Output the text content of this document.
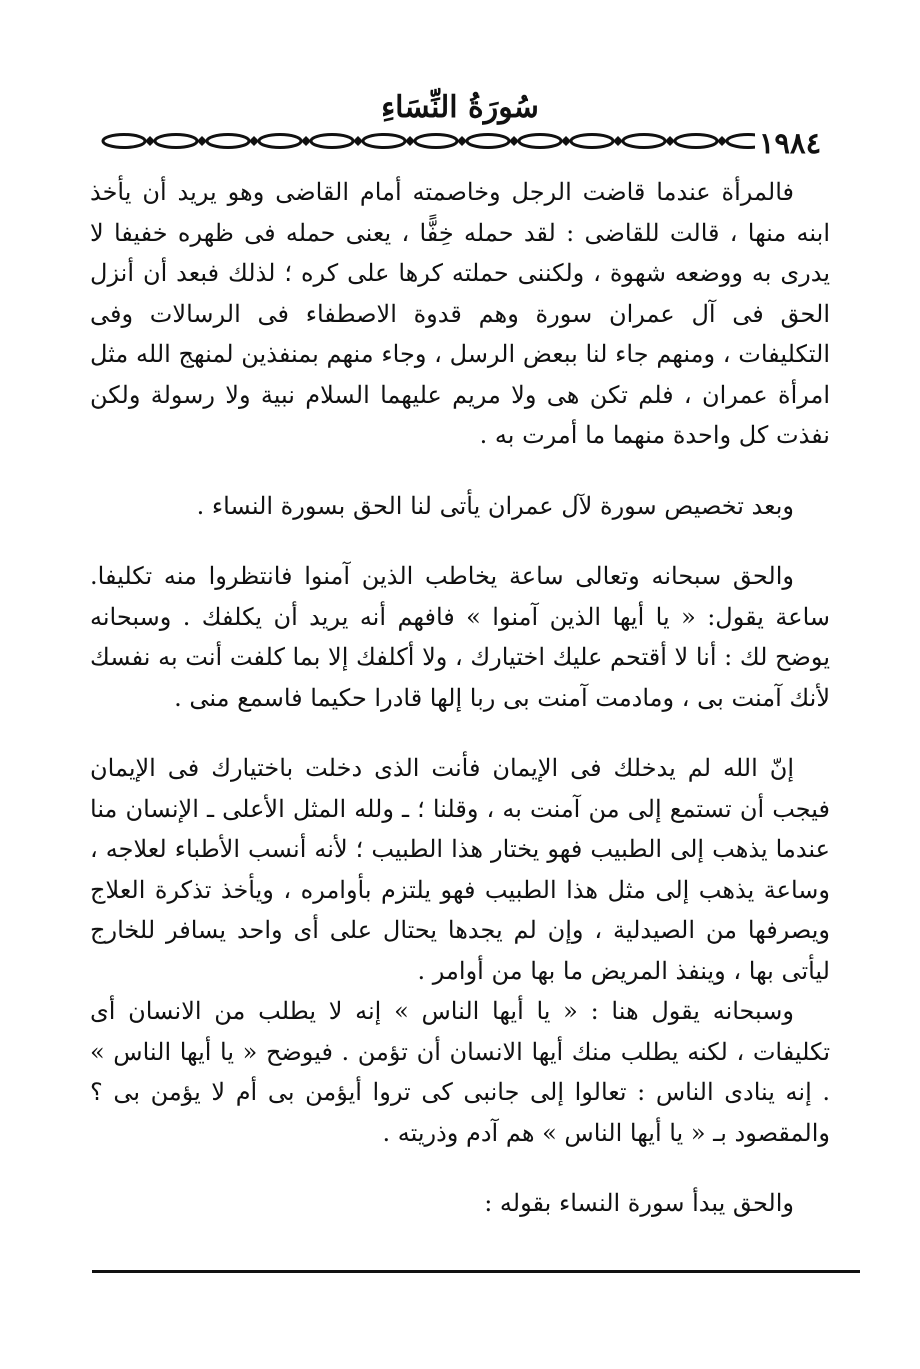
سُورَةُ النِّسَاءِ
١٩٨٤

فالمرأة عندما قاضت الرجل وخاصمته أمام القاضى وهو يريد أن يأخذ ابنه منها ، قالت للقاضى : لقد حمله خِفًّا ، يعنى حمله فى ظهره خفيفا لا يدرى به ووضعه شهوة ، ولكننى حملته كرها على كره ؛ لذلك فبعد أن أنزل الحق فى آل عمران سورة وهم قدوة الاصطفاء فى الرسالات وفى التكليفات ، ومنهم جاء لنا ببعض الرسل ، وجاء منهم بمنفذين لمنهج الله مثل امرأة عمران ، فلم تكن هى ولا مريم عليهما السلام نبية ولا رسولة ولكن نفذت كل واحدة منهما ما أمرت به .

وبعد تخصيص سورة لآل عمران يأتى لنا الحق بسورة النساء .

والحق سبحانه وتعالى ساعة يخاطب الذين آمنوا فانتظروا منه تكليفا. ساعة يقول: « يا أيها الذين آمنوا » فافهم أنه يريد أن يكلفك . وسبحانه يوضح لك : أنا لا أقتحم عليك اختيارك ، ولا أكلفك إلا بما كلفت أنت به نفسك لأنك آمنت بى ، ومادمت آمنت بى ربا إلها قادرا حكيما فاسمع منى .

إنّ الله لم يدخلك فى الإيمان فأنت الذى دخلت باختيارك فى الإيمان فيجب أن تستمع إلى من آمنت به ، وقلنا ؛ ـ ولله المثل الأعلى ـ الإنسان منا عندما يذهب إلى الطبيب فهو يختار هذا الطبيب ؛ لأنه أنسب الأطباء لعلاجه ، وساعة يذهب إلى مثل هذا الطبيب فهو يلتزم بأوامره ، ويأخذ تذكرة العلاج ويصرفها من الصيدلية ، وإن لم يجدها يحتال على أى واحد يسافر للخارج ليأتى بها ، وينفذ المريض ما بها من أوامر .

وسبحانه يقول هنا : « يا أيها الناس » إنه لا يطلب من الانسان أى تكليفات ، لكنه يطلب منك أيها الانسان أن تؤمن . فيوضح « يا أيها الناس » . إنه ينادى الناس : تعالوا إلى جانبى كى تروا أيؤمن بى أم لا يؤمن بى ؟ والمقصود بـ « يا أيها الناس » هم آدم وذريته .

والحق يبدأ سورة النساء بقوله :
